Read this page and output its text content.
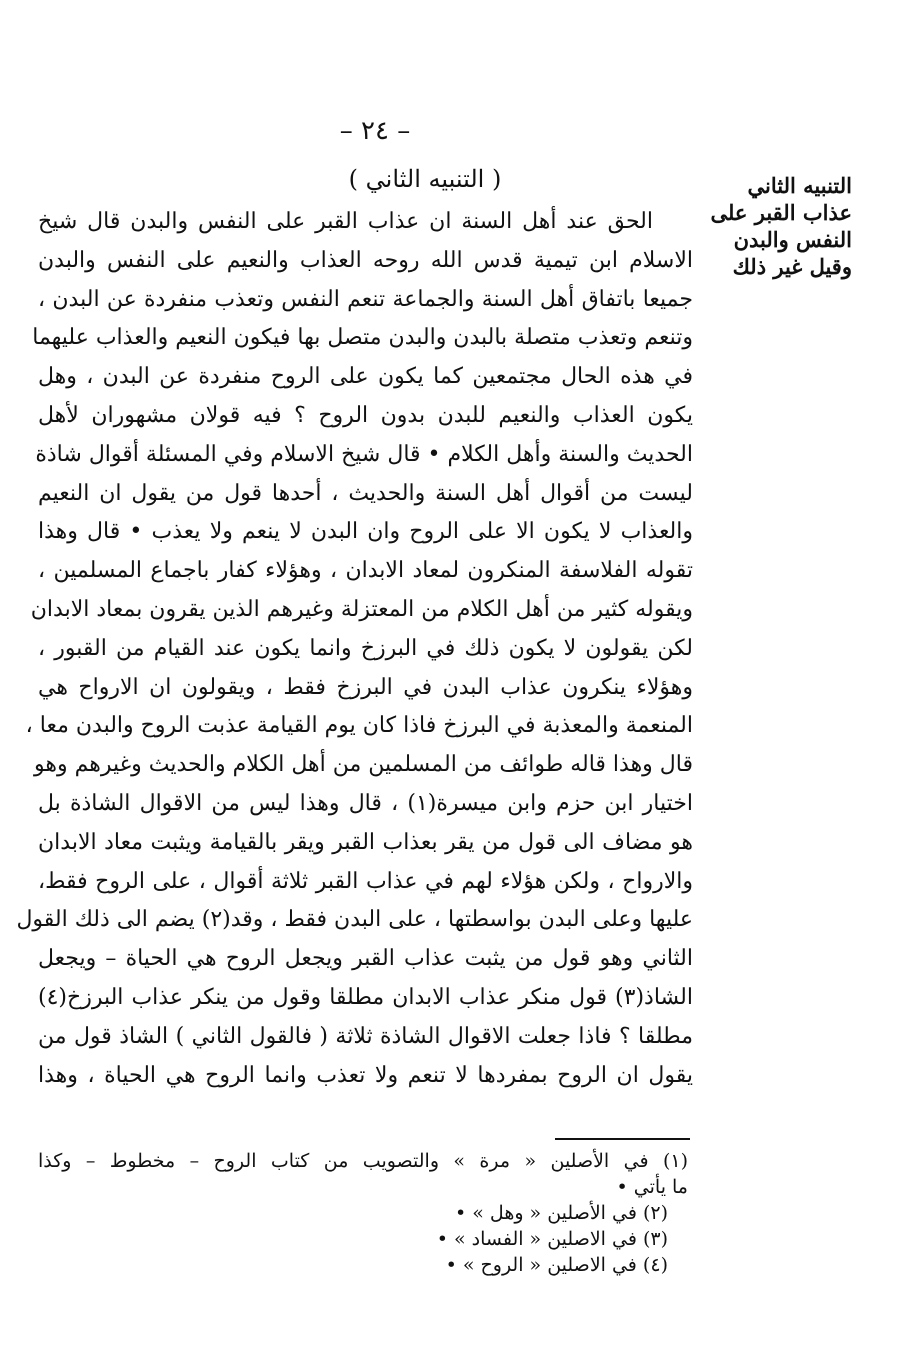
– ٢٤ –
( التنبيه الثاني )	التنبيه الثاني
عذاب القبر على
النفس والبدن
وقيل غير ذلك
الحق عند أهل السنة ان عذاب القبر على النفس والبدن قال شيخ
الاسلام ابن تيمية قدس الله روحه العذاب والنعيم على النفس والبدن
جميعا باتفاق أهل السنة والجماعة تنعم النفس وتعذب منفردة عن البدن ،
وتنعم وتعذب متصلة بالبدن والبدن متصل بها فيكون النعيم والعذاب عليهما
في هذه الحال مجتمعين كما يكون على الروح منفردة عن البدن ، وهل
يكون العذاب والنعيم للبدن بدون الروح ؟ فيه قولان مشهوران لأهل
الحديث والسنة وأهل الكلام • قال شيخ الاسلام وفي المسئلة أقوال شاذة
ليست من أقوال أهل السنة والحديث ، أحدها قول من يقول ان النعيم
والعذاب لا يكون الا على الروح وان البدن لا ينعم ولا يعذب • قال وهذا
تقوله الفلاسفة المنكرون لمعاد الابدان ، وهؤلاء كفار باجماع المسلمين ،
ويقوله كثير من أهل الكلام من المعتزلة وغيرهم الذين يقرون بمعاد الابدان
لكن يقولون لا يكون ذلك في البرزخ وانما يكون عند القيام من القبور ،
وهؤلاء ينكرون عذاب البدن في البرزخ فقط ، ويقولون ان الارواح هي
المنعمة والمعذبة في البرزخ فاذا كان يوم القيامة عذبت الروح والبدن معا ،
قال وهذا قاله طوائف من المسلمين من أهل الكلام والحديث وغيرهم وهو
اختيار ابن حزم وابن ميسرة(١) ، قال وهذا ليس من الاقوال الشاذة بل
هو مضاف الى قول من يقر بعذاب القبر ويقر بالقيامة ويثبت معاد الابدان
والارواح ، ولكن هؤلاء لهم في عذاب القبر ثلاثة أقوال ، على الروح فقط،
عليها وعلى البدن بواسطتها ، على البدن فقط ، وقد(٢) يضم الى ذلك القول
الثاني وهو قول من يثبت عذاب القبر ويجعل الروح هي الحياة – ويجعل
الشاذ(٣) قول منكر عذاب الابدان مطلقا وقول من ينكر عذاب البرزخ(٤)
مطلقا ؟ فاذا جعلت الاقوال الشاذة ثلاثة ( فالقول الثاني ) الشاذ قول من
يقول ان الروح بمفردها لا تنعم ولا تعذب وانما الروح هي الحياة ، وهذا
(١) في الأصلين « مرة » والتصويب من كتاب الروح – مخطوط – وكذا
ما يأتي •
(٢) في الأصلين « وهل » •
(٣) في الاصلين « الفساد » •
(٤) في الاصلين « الروح » •
